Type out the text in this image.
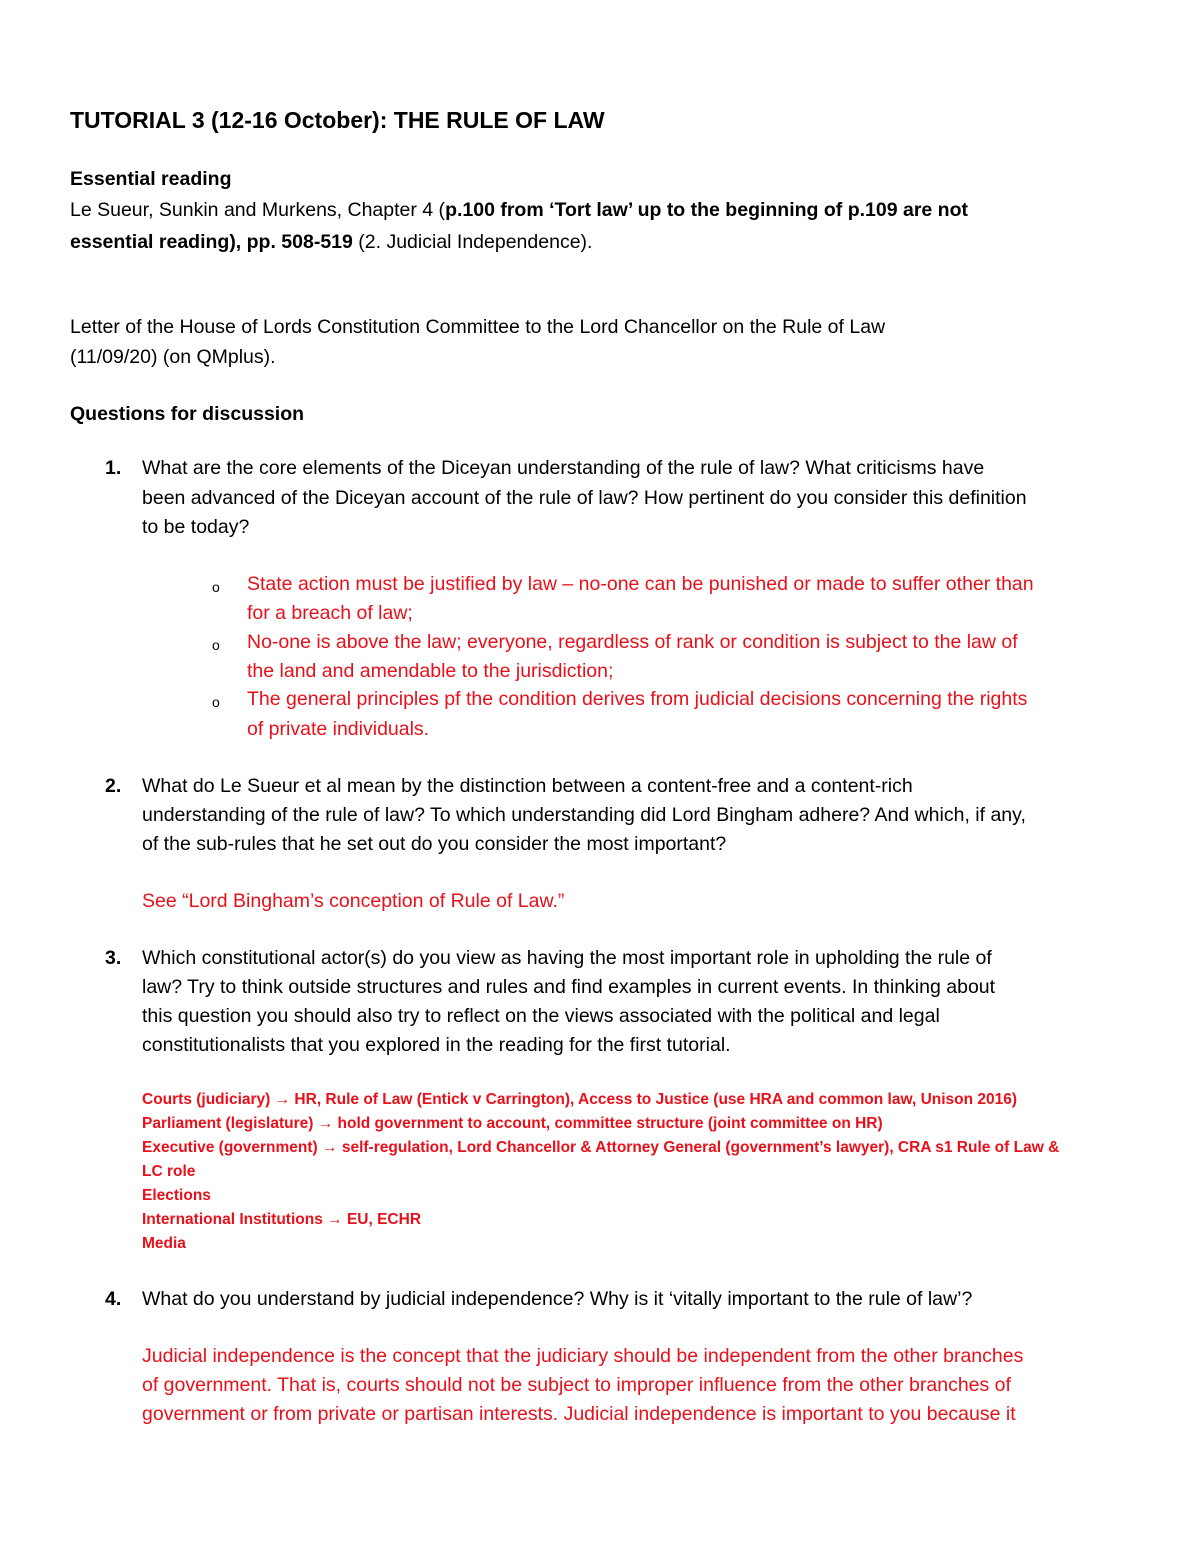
TUTORIAL 3 (12-16 October): THE RULE OF LAW
Essential reading
Le Sueur, Sunkin and Murkens, Chapter 4 (p.100 from ‘Tort law’ up to the beginning of p.109 are not
essential reading), pp. 508-519 (2. Judicial Independence).
Letter of the House of Lords Constitution Committee to the Lord Chancellor on the Rule of Law
(11/09/20) (on QMplus).
Questions for discussion
1. What are the core elements of the Diceyan understanding of the rule of law? What criticisms have
been advanced of the Diceyan account of the rule of law? How pertinent do you consider this definition
to be today?
o State action must be justified by law – no-one can be punished or made to suffer other than
for a breach of law;
o No-one is above the law; everyone, regardless of rank or condition is subject to the law of
the land and amendable to the jurisdiction;
o The general principles pf the condition derives from judicial decisions concerning the rights
of private individuals.
2. What do Le Sueur et al mean by the distinction between a content-free and a content-rich
understanding of the rule of law? To which understanding did Lord Bingham adhere? And which, if any,
of the sub-rules that he set out do you consider the most important?
See “Lord Bingham’s conception of Rule of Law.”
3. Which constitutional actor(s) do you view as having the most important role in upholding the rule of
law? Try to think outside structures and rules and find examples in current events. In thinking about
this question you should also try to reflect on the views associated with the political and legal
constitutionalists that you explored in the reading for the first tutorial.
Courts (judiciary) → HR, Rule of Law (Entick v Carrington), Access to Justice (use HRA and common law, Unison 2016)
Parliament (legislature) → hold government to account, committee structure (joint committee on HR)
Executive (government) → self-regulation, Lord Chancellor & Attorney General (government’s lawyer), CRA s1 Rule of Law &
LC role
Elections
International Institutions → EU, ECHR
Media
4. What do you understand by judicial independence? Why is it ‘vitally important to the rule of law’?
Judicial independence is the concept that the judiciary should be independent from the other branches
of government. That is, courts should not be subject to improper influence from the other branches of
government or from private or partisan interests. Judicial independence is important to you because it
